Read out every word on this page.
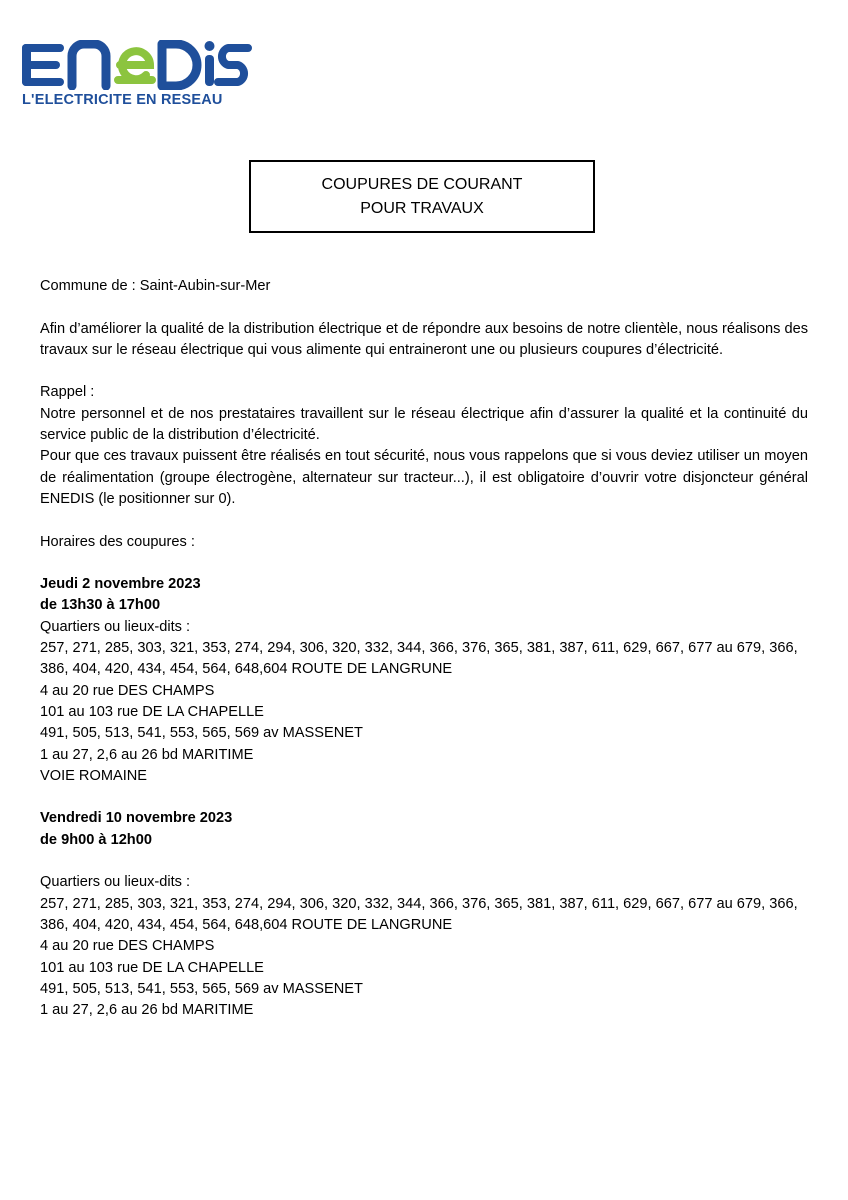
L'ELECTRICITE EN RESEAU
COUPURES DE COURANT
POUR TRAVAUX

Commune de : Saint-Aubin-sur-Mer

Afin d’améliorer la qualité de la distribution électrique et de répondre aux besoins de notre clientèle, nous réalisons des travaux sur le réseau électrique qui vous alimente qui entraineront une ou plusieurs coupures d’électricité.

Rappel :

Notre personnel et de nos prestataires travaillent sur le réseau électrique afin d’assurer la qualité et la continuité du service public de la distribution d’électricité.

Pour que ces travaux puissent être réalisés en tout sécurité, nous vous rappelons que si vous deviez utiliser un moyen de réalimentation (groupe électrogène, alternateur sur tracteur...), il est obligatoire d’ouvrir votre disjoncteur général ENEDIS (le positionner sur 0).

Horaires des coupures :

Jeudi 2 novembre 2023
de 13h30 à 17h00
Quartiers ou lieux-dits :
257, 271, 285, 303, 321, 353, 274, 294, 306, 320, 332, 344, 366, 376, 365, 381, 387, 611, 629, 667, 677 au 679, 366,
386, 404, 420, 434, 454, 564, 648,604 ROUTE DE LANGRUNE
4 au 20 rue DES CHAMPS
101 au 103 rue DE LA CHAPELLE
491, 505, 513, 541, 553, 565, 569 av MASSENET
1 au 27, 2,6 au 26 bd MARITIME
VOIE ROMAINE
Vendredi 10 novembre 2023
de 9h00 à 12h00
Quartiers ou lieux-dits :
257, 271, 285, 303, 321, 353, 274, 294, 306, 320, 332, 344, 366, 376, 365, 381, 387, 611, 629, 667, 677 au 679, 366,
386, 404, 420, 434, 454, 564, 648,604 ROUTE DE LANGRUNE
4 au 20 rue DES CHAMPS
101 au 103 rue DE LA CHAPELLE
491, 505, 513, 541, 553, 565, 569 av MASSENET
1 au 27, 2,6 au 26 bd MARITIME
